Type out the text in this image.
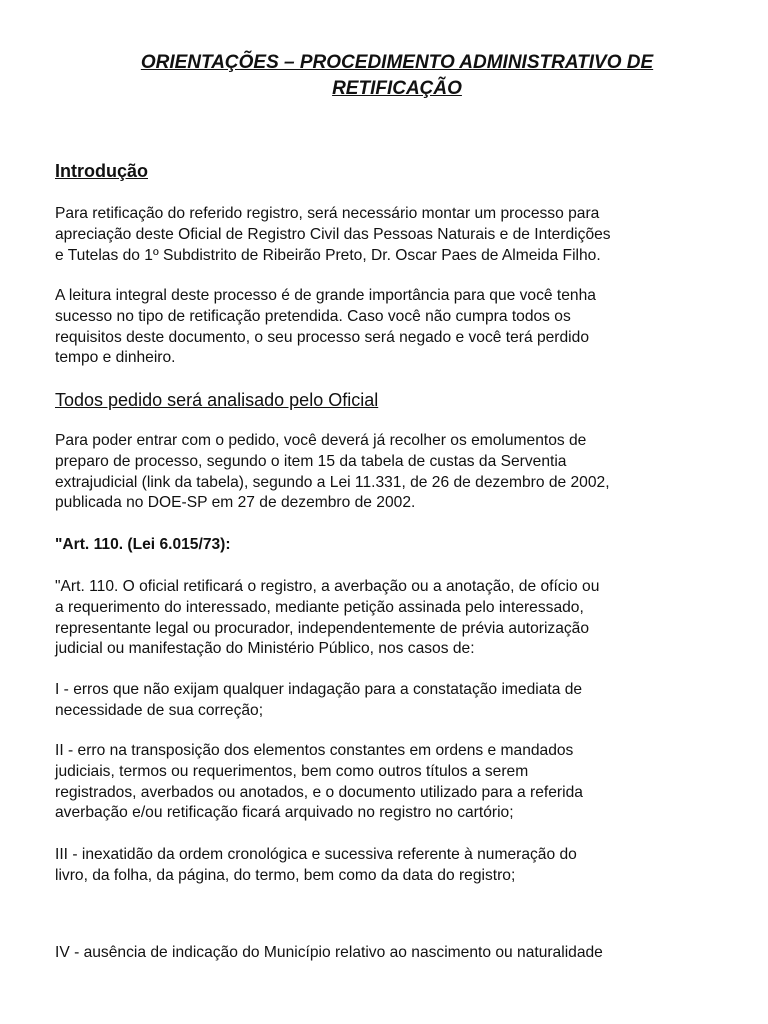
ORIENTAÇÕES – PROCEDIMENTO ADMINISTRATIVO DE
RETIFICAÇÃO
Introdução

Para retificação do referido registro, será necessário montar um processo para
apreciação deste Oficial de Registro Civil das Pessoas Naturais e de Interdições
e Tutelas do 1º Subdistrito de Ribeirão Preto, Dr. Oscar Paes de Almeida Filho.

A leitura integral deste processo é de grande importância para que você tenha
sucesso no tipo de retificação pretendida. Caso você não cumpra todos os
requisitos deste documento, o seu processo será negado e você terá perdido
tempo e dinheiro.

Todos pedido será analisado pelo Oficial

Para poder entrar com o pedido, você deverá já recolher os emolumentos de
preparo de processo, segundo o item 15 da tabela de custas da Serventia
extrajudicial (link da tabela), segundo a Lei 11.331, de 26 de dezembro de 2002,
publicada no DOE-SP em 27 de dezembro de 2002.

"Art. 110. (Lei 6.015/73):

"Art. 110. O oficial retificará o registro, a averbação ou a anotação, de ofício ou
a requerimento do interessado, mediante petição assinada pelo interessado,
representante legal ou procurador, independentemente de prévia autorização
judicial ou manifestação do Ministério Público, nos casos de:

I - erros que não exijam qualquer indagação para a constatação imediata de
necessidade de sua correção;

II - erro na transposição dos elementos constantes em ordens e mandados
judiciais, termos ou requerimentos, bem como outros títulos a serem
registrados, averbados ou anotados, e o documento utilizado para a referida
averbação e/ou retificação ficará arquivado no registro no cartório;

III - inexatidão da ordem cronológica e sucessiva referente à numeração do
livro, da folha, da página, do termo, bem como da data do registro;

IV - ausência de indicação do Município relativo ao nascimento ou naturalidade
